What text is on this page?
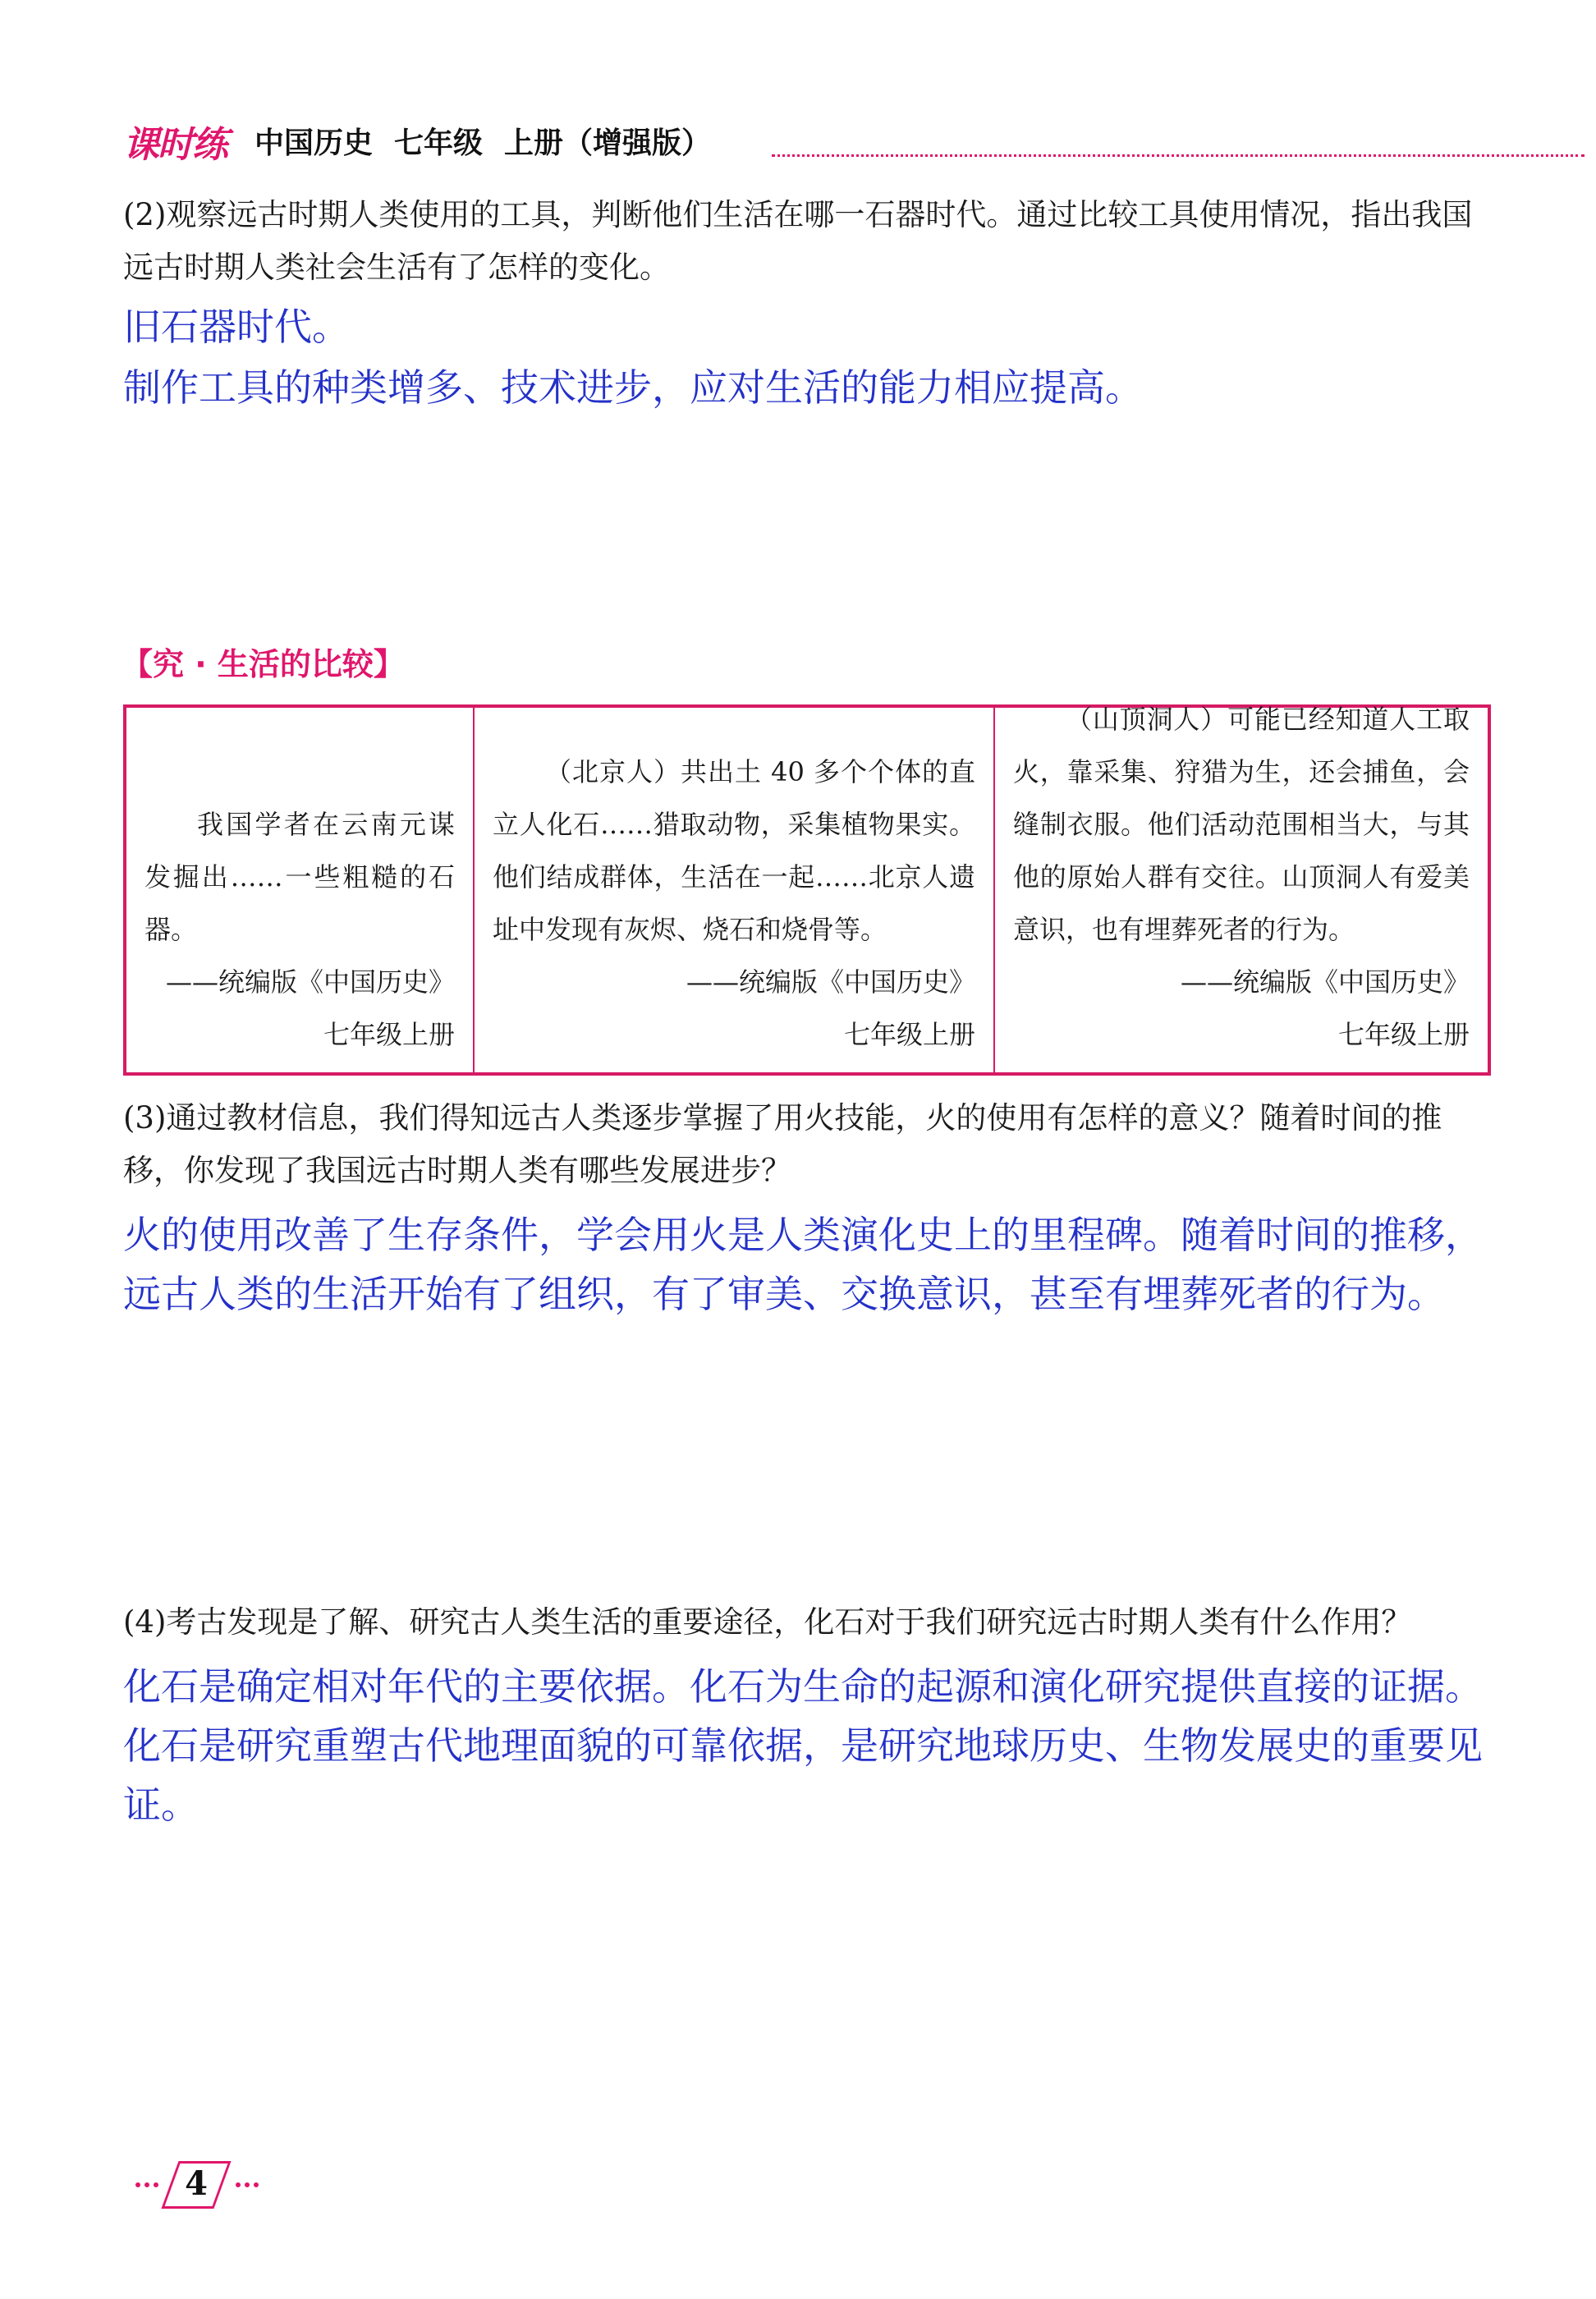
课时练 中国历史 七年级 上册（增强版）
(2)观察远古时期人类使用的工具，判断他们生活在哪一石器时代。通过比较工具使用情况，指出我国远古时期人类社会生活有了怎样的变化。
旧石器时代。
制作工具的种类增多、技术进步，应对生活的能力相应提高。
【究 · 生活的比较】
我国学者在云南元谋发掘出……一些粗糙的石器。
——统编版《中国历史》
七年级上册
（北京人）共出土 40 多个个体的直立人化石……猎取动物，采集植物果实。他们结成群体，生活在一起……北京人遗址中发现有灰烬、烧石和烧骨等。
——统编版《中国历史》
七年级上册
（山顶洞人）可能已经知道人工取火，靠采集、狩猎为生，还会捕鱼，会缝制衣服。他们活动范围相当大，与其他的原始人群有交往。山顶洞人有爱美意识，也有埋葬死者的行为。
——统编版《中国历史》
七年级上册
(3)通过教材信息，我们得知远古人类逐步掌握了用火技能，火的使用有怎样的意义？随着时间的推移，你发现了我国远古时期人类有哪些发展进步？
火的使用改善了生存条件，学会用火是人类演化史上的里程碑。随着时间的推移，远古人类的生活开始有了组织，有了审美、交换意识，甚至有埋葬死者的行为。
(4)考古发现是了解、研究古人类生活的重要途径，化石对于我们研究远古时期人类有什么作用？
化石是确定相对年代的主要依据。化石为生命的起源和演化研究提供直接的证据。化石是研究重塑古代地理面貌的可靠依据，是研究地球历史、生物发展史的重要见证。
4
